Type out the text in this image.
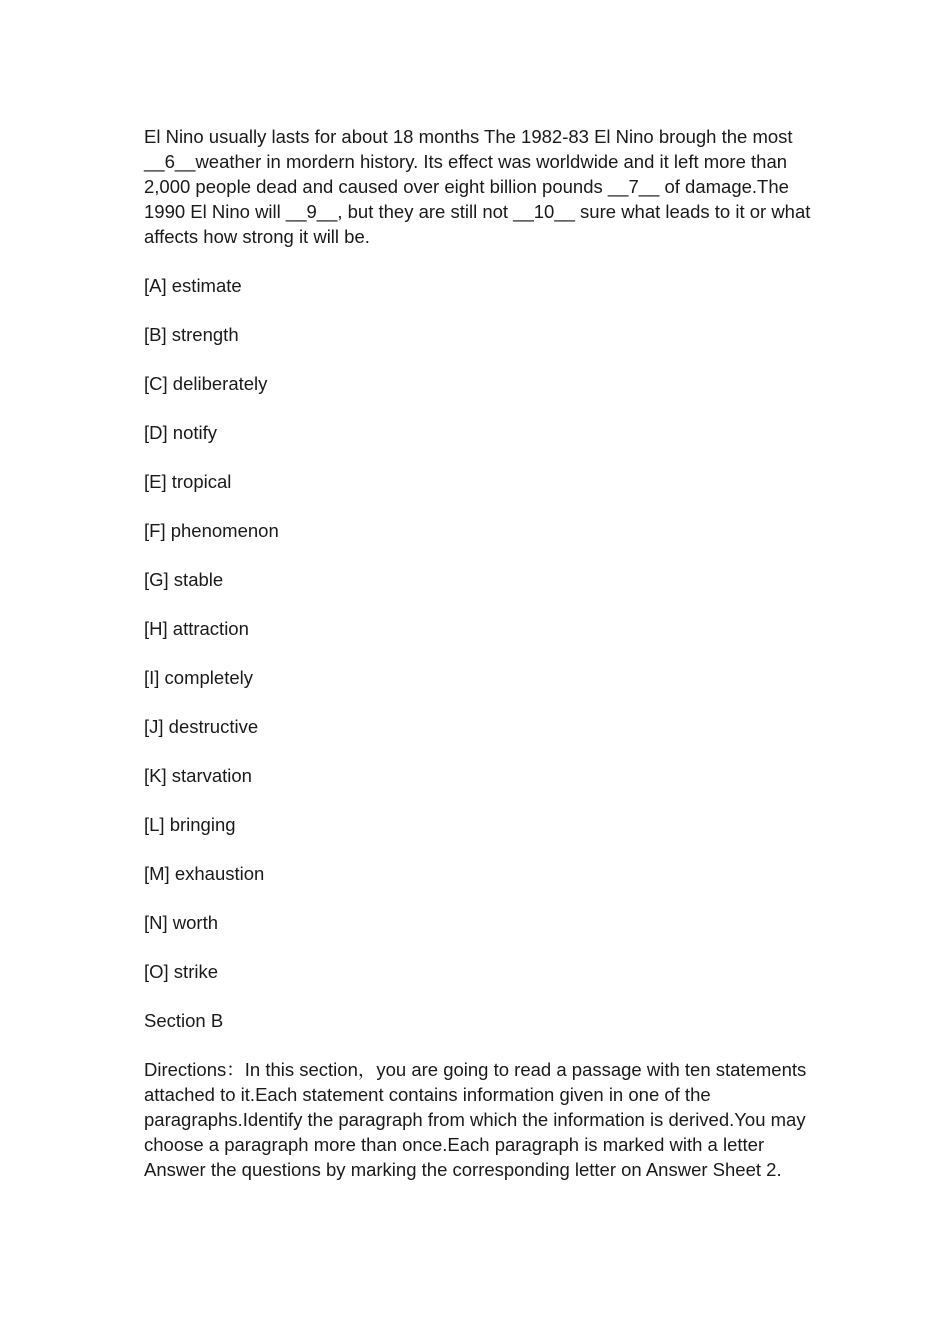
El Nino usually lasts for about 18 months The 1982-83 El Nino brough the most __6__weather in mordern history. Its effect was worldwide and it left more than 2,000 people dead and caused over eight billion pounds __7__ of damage.The 1990 El Nino will __9__, but they are still not __10__ sure what leads to it or what affects how strong it will be.

[A] estimate
[B] strength
[C] deliberately
[D] notify
[E] tropical
[F] phenomenon
[G] stable
[H] attraction
[I] completely
[J] destructive
[K] starvation
[L] bringing
[M] exhaustion
[N] worth
[O] strike
Section B

Directions：In this section，you are going to read a passage with ten statements attached to it.Each statement contains information given in one of the paragraphs.Identify the paragraph from which the information is derived.You may choose a paragraph more than once.Each paragraph is marked with a letter Answer the questions by marking the corresponding letter on Answer Sheet 2.
